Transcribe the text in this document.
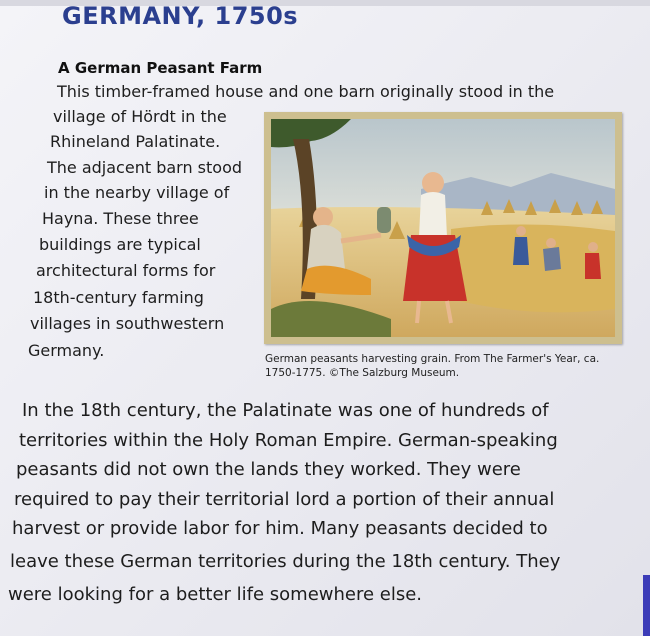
GERMANY, 1750s
A German Peasant Farm
This timber-framed house and one barn originally stood in the
village of Hördt in the
Rhineland Palatinate.
The adjacent barn stood
in the nearby village of
Hayna. These three
buildings are typical
architectural forms for
18th-century farming
villages in southwestern
Germany.	German peasants harvesting grain. From The Farmer's Year, ca.
1750-1775. ©The Salzburg Museum.
In the 18th century, the Palatinate was one of hundreds of
territories within the Holy Roman Empire. German-speaking
peasants did not own the lands they worked. They were
required to pay their territorial lord a portion of their annual
harvest or provide labor for him. Many peasants decided to
leave these German territories during the 18th century. They
were looking for a better life somewhere else.
